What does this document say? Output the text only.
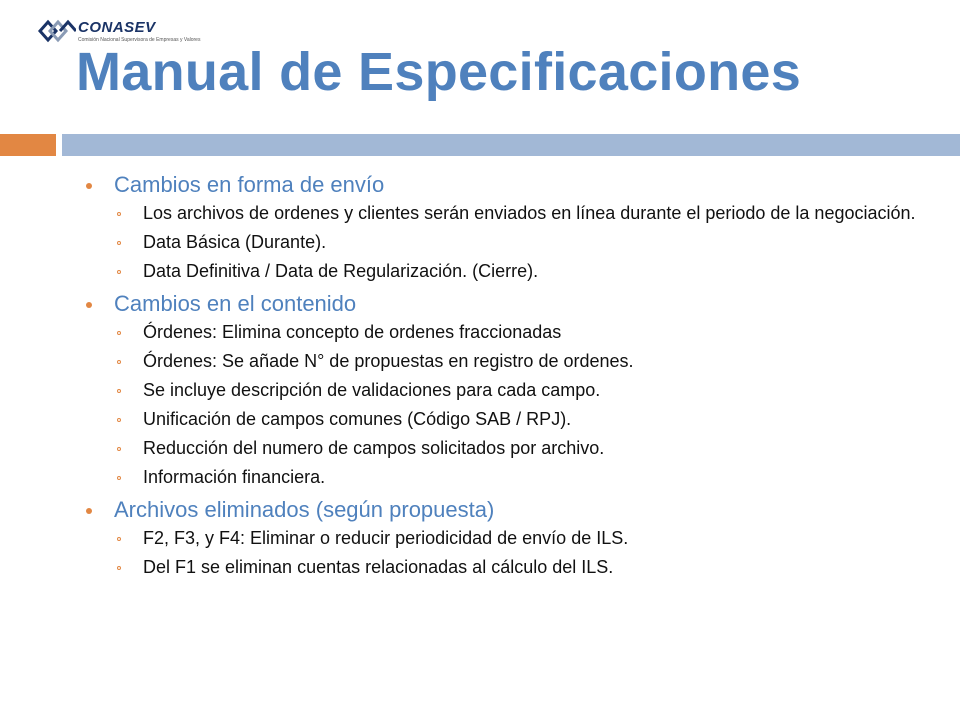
CONASEV
Comisión Nacional Supervisora de Empresas y Valores
Manual de Especificaciones
Cambios en forma de envío
Los archivos de ordenes y clientes serán enviados en línea durante el periodo de la negociación.
Data Básica (Durante).
Data Definitiva / Data de Regularización. (Cierre).
Cambios en el contenido
Órdenes: Elimina concepto de ordenes fraccionadas
Órdenes: Se añade N° de propuestas en registro de ordenes.
Se incluye descripción de validaciones para cada campo.
Unificación de campos comunes (Código SAB / RPJ).
Reducción del numero de campos solicitados por archivo.
Información financiera.
Archivos eliminados (según propuesta)
F2, F3, y F4: Eliminar o reducir periodicidad de envío de ILS.
Del F1 se eliminan cuentas relacionadas al cálculo del ILS.
